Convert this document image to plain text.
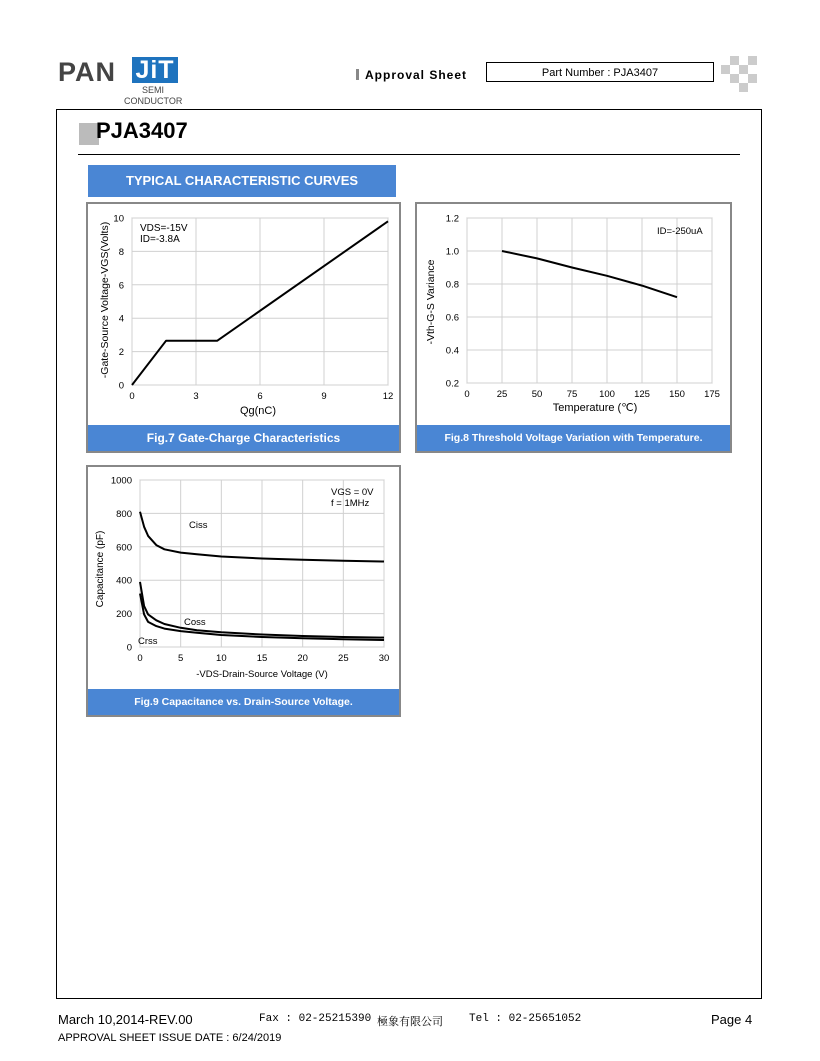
PAN JiT
SEMI
CONDUCTOR
Approval Sheet	Part Number : PJA3407
PJA3407
TYPICAL CHARACTERISTIC CURVES
0	3	6	9	12
0
2
4
6
8
10
Qg(nC)
-Gate-Source Voltage-VGS(Volts)	VDS=-15V
ID=-3.8A
Fig.7 Gate-Charge Characteristics
0	25	50	75 100 125 150 175
0.2
0.4
0.6
0.8
1.0
1.2
Temperature (℃)
-Vth-G-S Variance
ID=-250uA
Fig.8 Threshold Voltage Variation with Temperature.
0	5	10	15	20	25	30
0
200
400
600
800
1000
-VDS-Drain-Source Voltage (V)
Capacitance (pF)
VGS = 0V
f = 1MHz
Ciss
Coss
Crss
Fig.9 Capacitance vs. Drain-Source Voltage.
March 10,2014-REV.00	Fax : 02-25215390 極象有限公司 Tel : 02-25651052	Page 4
APPROVAL SHEET ISSUE DATE : 6/24/2019
